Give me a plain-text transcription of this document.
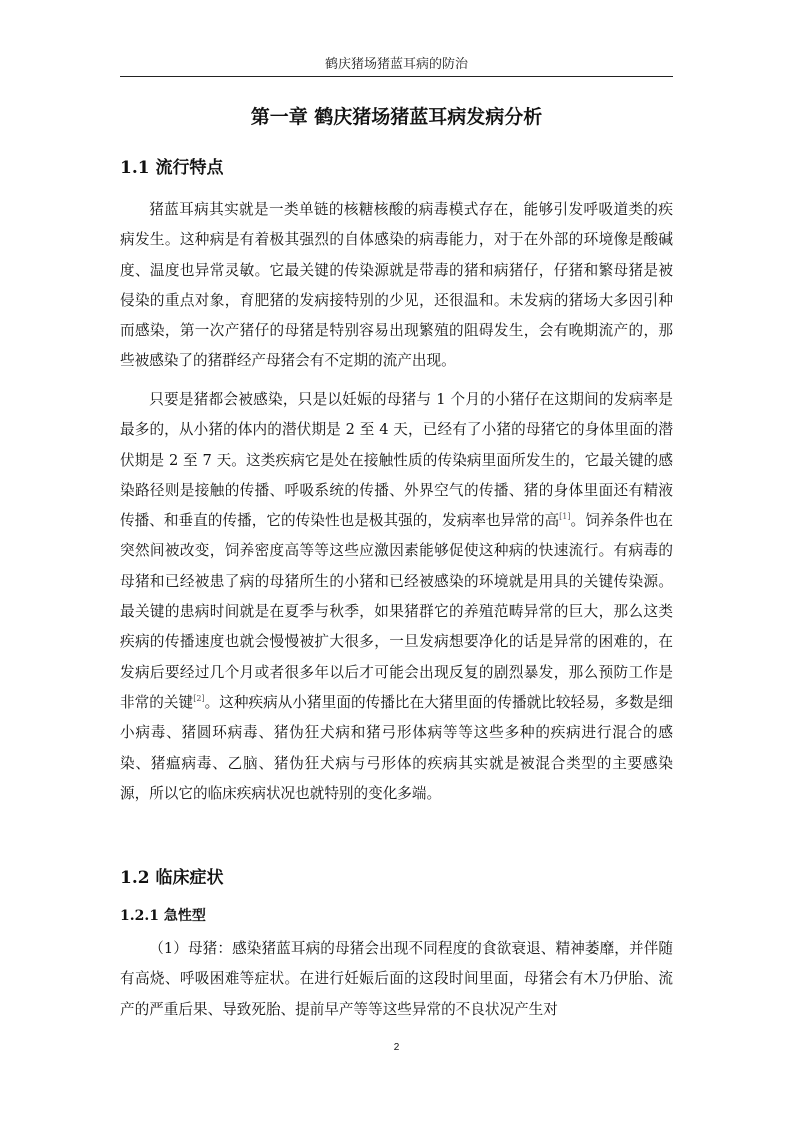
鹤庆猪场猪蓝耳病的防治
第一章 鹤庆猪场猪蓝耳病发病分析
1.1 流行特点

猪蓝耳病其实就是一类单链的核糖核酸的病毒模式存在，能够引发呼吸道类的疾病发生。这种病是有着极其强烈的自体感染的病毒能力，对于在外部的环境像是酸碱度、温度也异常灵敏。它最关键的传染源就是带毒的猪和病猪仔，仔猪和繁母猪是被侵染的重点对象，育肥猪的发病接特别的少见，还很温和。未发病的猪场大多因引种而感染，第一次产猪仔的母猪是特别容易出现繁殖的阻碍发生，会有晚期流产的，那些被感染了的猪群经产母猪会有不定期的流产出现。

只要是猪都会被感染，只是以妊娠的母猪与 1 个月的小猪仔在这期间的发病率是最多的，从小猪的体内的潜伏期是 2 至 4 天，已经有了小猪的母猪它的身体里面的潜伏期是 2 至 7 天。这类疾病它是处在接触性质的传染病里面所发生的，它最关键的感染路径则是接触的传播、呼吸系统的传播、外界空气的传播、猪的身体里面还有精液传播、和垂直的传播，它的传染性也是极其强的，发病率也异常的高[1]。饲养条件也在突然间被改变，饲养密度高等等这些应激因素能够促使这种病的快速流行。有病毒的母猪和已经被患了病的母猪所生的小猪和已经被感染的环境就是用具的关键传染源。最关键的患病时间就是在夏季与秋季，如果猪群它的养殖范畴异常的巨大，那么这类疾病的传播速度也就会慢慢被扩大很多，一旦发病想要净化的话是异常的困难的，在发病后要经过几个月或者很多年以后才可能会出现反复的剧烈暴发，那么预防工作是非常的关键[2]。这种疾病从小猪里面的传播比在大猪里面的传播就比较轻易，多数是细小病毒、猪圆环病毒、猪伪狂犬病和猪弓形体病等等这些多种的疾病进行混合的感染、猪瘟病毒、乙脑、猪伪狂犬病与弓形体的疾病其实就是被混合类型的主要感染源，所以它的临床疾病状况也就特别的变化多端。

1.2 临床症状
1.2.1 急性型

（1）母猪：感染猪蓝耳病的母猪会出现不同程度的食欲衰退、精神萎靡，并伴随有高烧、呼吸困难等症状。在进行妊娠后面的这段时间里面，母猪会有木乃伊胎、流产的严重后果、导致死胎、提前早产等等这些异常的不良状况产生对

2
